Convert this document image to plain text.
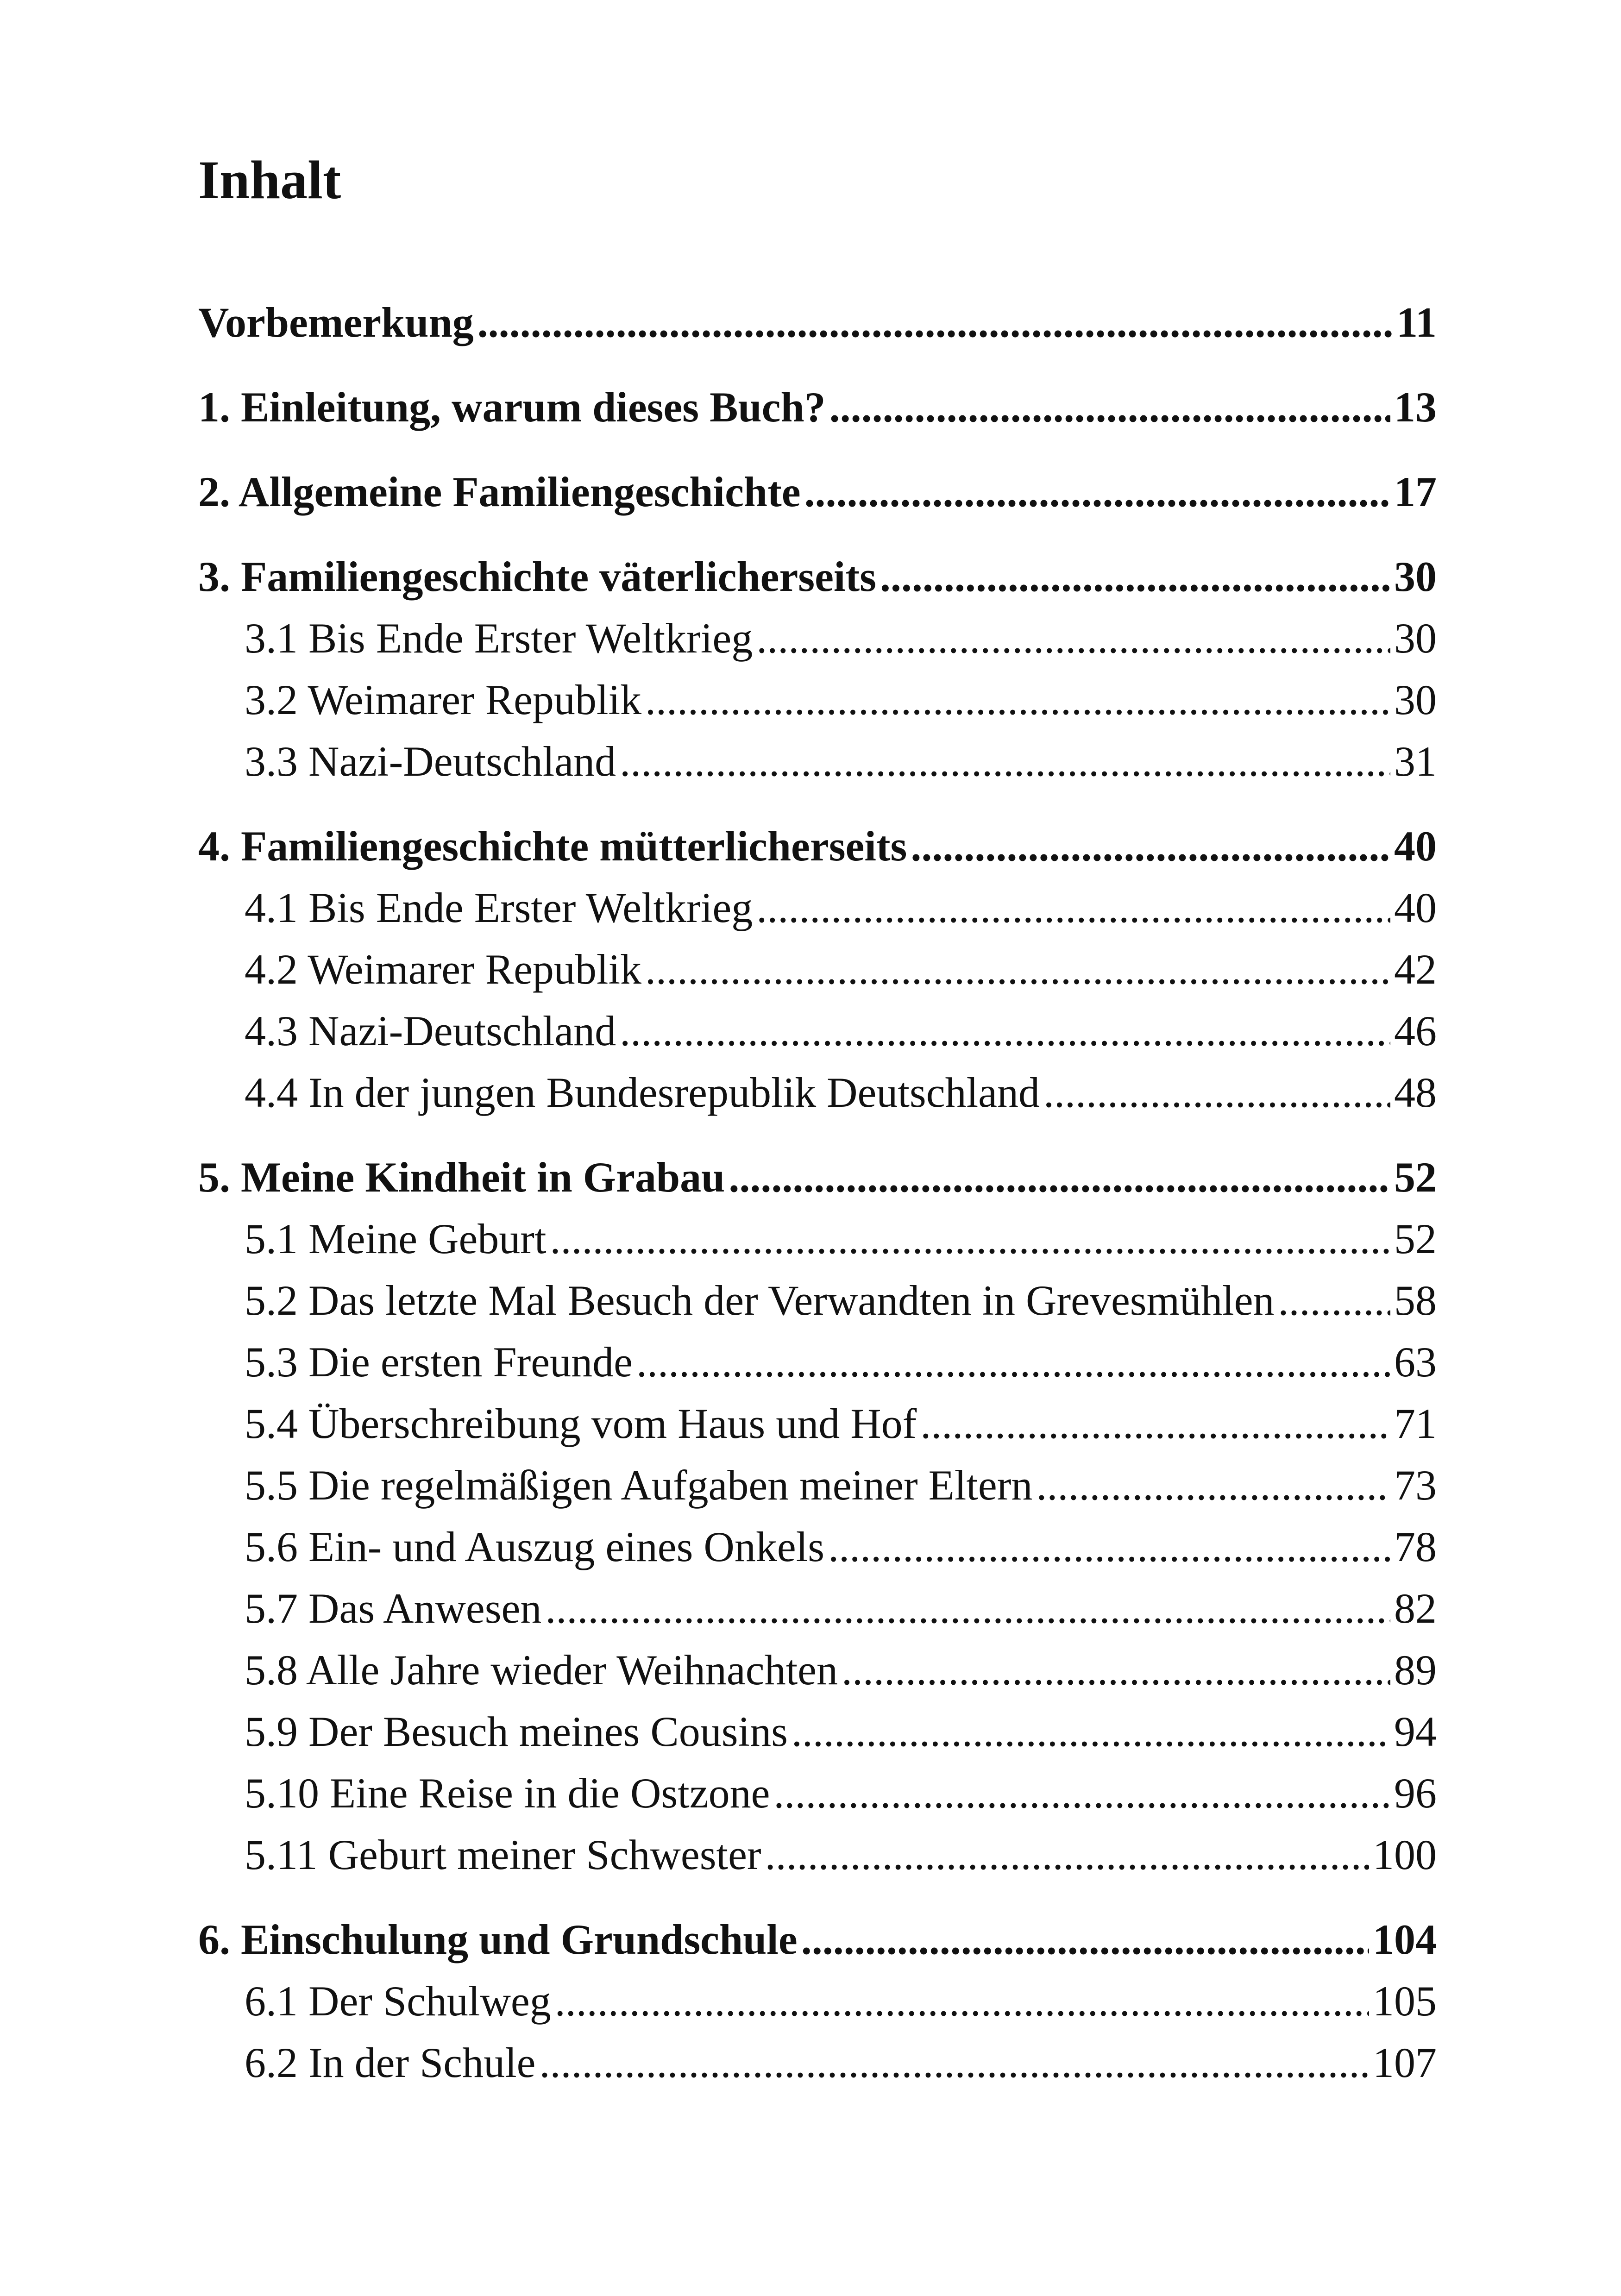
Inhalt
Vorbemerkung .....	11
1. Einleitung, warum dieses Buch? .....	13
2. Allgemeine Familiengeschichte .....	17
3. Familiengeschichte väterlicherseits .....	30
3.1 Bis Ende Erster Weltkrieg .....	30
3.2 Weimarer Republik .....	30
3.3 Nazi-Deutschland .....	31
4. Familiengeschichte mütterlicherseits .....	40
4.1 Bis Ende Erster Weltkrieg .....	40
4.2 Weimarer Republik .....	42
4.3 Nazi-Deutschland .....	46
4.4 In der jungen Bundesrepublik Deutschland .....	48
5. Meine Kindheit in Grabau .....	52
5.1 Meine Geburt .....	52
5.2 Das letzte Mal Besuch der Verwandten in Grevesmühlen .....	58
5.3 Die ersten Freunde .....	63
5.4 Überschreibung vom Haus und Hof .....	71
5.5 Die regelmäßigen Aufgaben meiner Eltern .....	73
5.6 Ein- und Auszug eines Onkels .....	78
5.7 Das Anwesen .....	82
5.8 Alle Jahre wieder Weihnachten .....	89
5.9 Der Besuch meines Cousins .....	94
5.10 Eine Reise in die Ostzone .....	96
5.11 Geburt meiner Schwester .....	100
6. Einschulung und Grundschule .....	104
6.1 Der Schulweg .....	105
6.2 In der Schule .....	107
